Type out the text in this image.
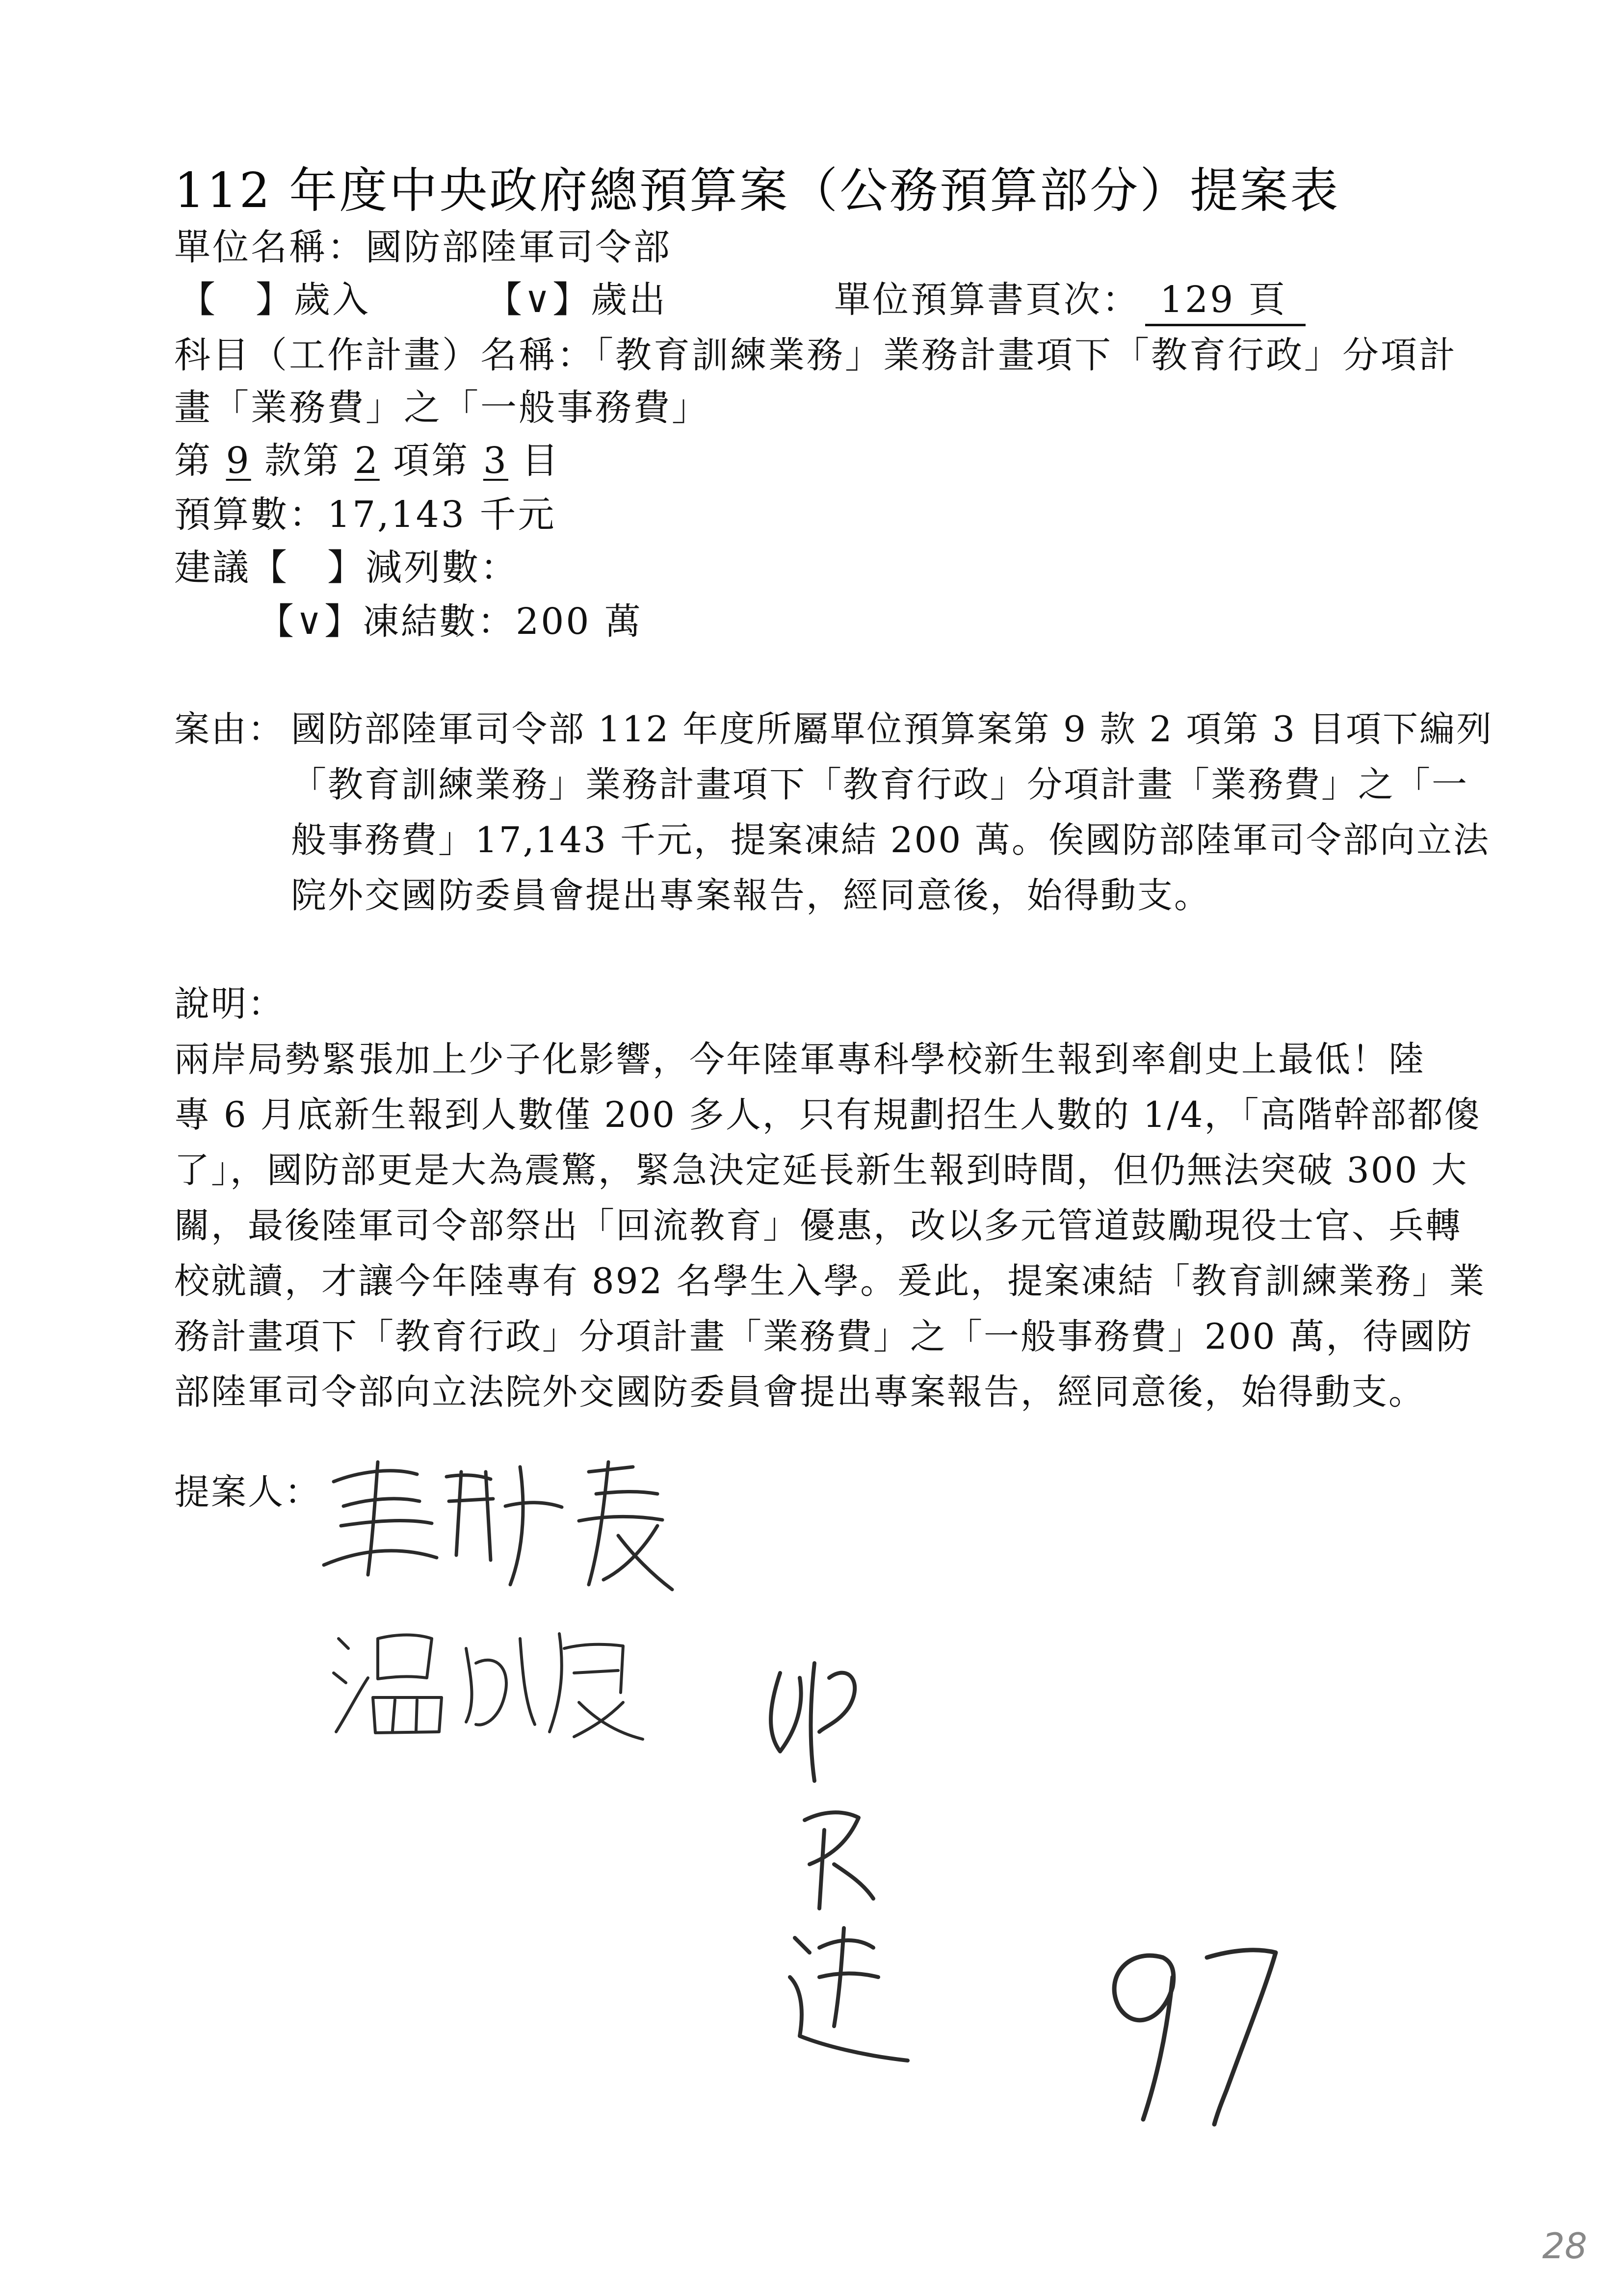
112 年度中央政府總預算案（公務預算部分）提案表
單位名稱：國防部陸軍司令部
【　】歲入	【∨】歲出	單位預算書頁次： 129 頁
科目（工作計畫）名稱：「教育訓練業務」業務計畫項下「教育行政」分項計
畫「業務費」之「一般事務費」
第 9 款第 2 項第 3 目
預算數：17,143 千元
建議【　】減列數：
【∨】凍結數：200 萬
案由： 國防部陸軍司令部 112 年度所屬單位預算案第 9 款 2 項第 3 目項下編列
「教育訓練業務」業務計畫項下「教育行政」分項計畫「業務費」之「一
般事務費」17,143 千元，提案凍結 200 萬。俟國防部陸軍司令部向立法
院外交國防委員會提出專案報告，經同意後，始得動支。
說明：
兩岸局勢緊張加上少子化影響，今年陸軍專科學校新生報到率創史上最低！陸
專 6 月底新生報到人數僅 200 多人，只有規劃招生人數的 1/4，「高階幹部都傻
了」，國防部更是大為震驚，緊急決定延長新生報到時間，但仍無法突破 300 大
關，最後陸軍司令部祭出「回流教育」優惠，改以多元管道鼓勵現役士官、兵轉
校就讀，才讓今年陸專有 892 名學生入學。爰此，提案凍結「教育訓練業務」業
務計畫項下「教育行政」分項計畫「業務費」之「一般事務費」200 萬，待國防
部陸軍司令部向立法院外交國防委員會提出專案報告，經同意後，始得動支。
提案人：
28
